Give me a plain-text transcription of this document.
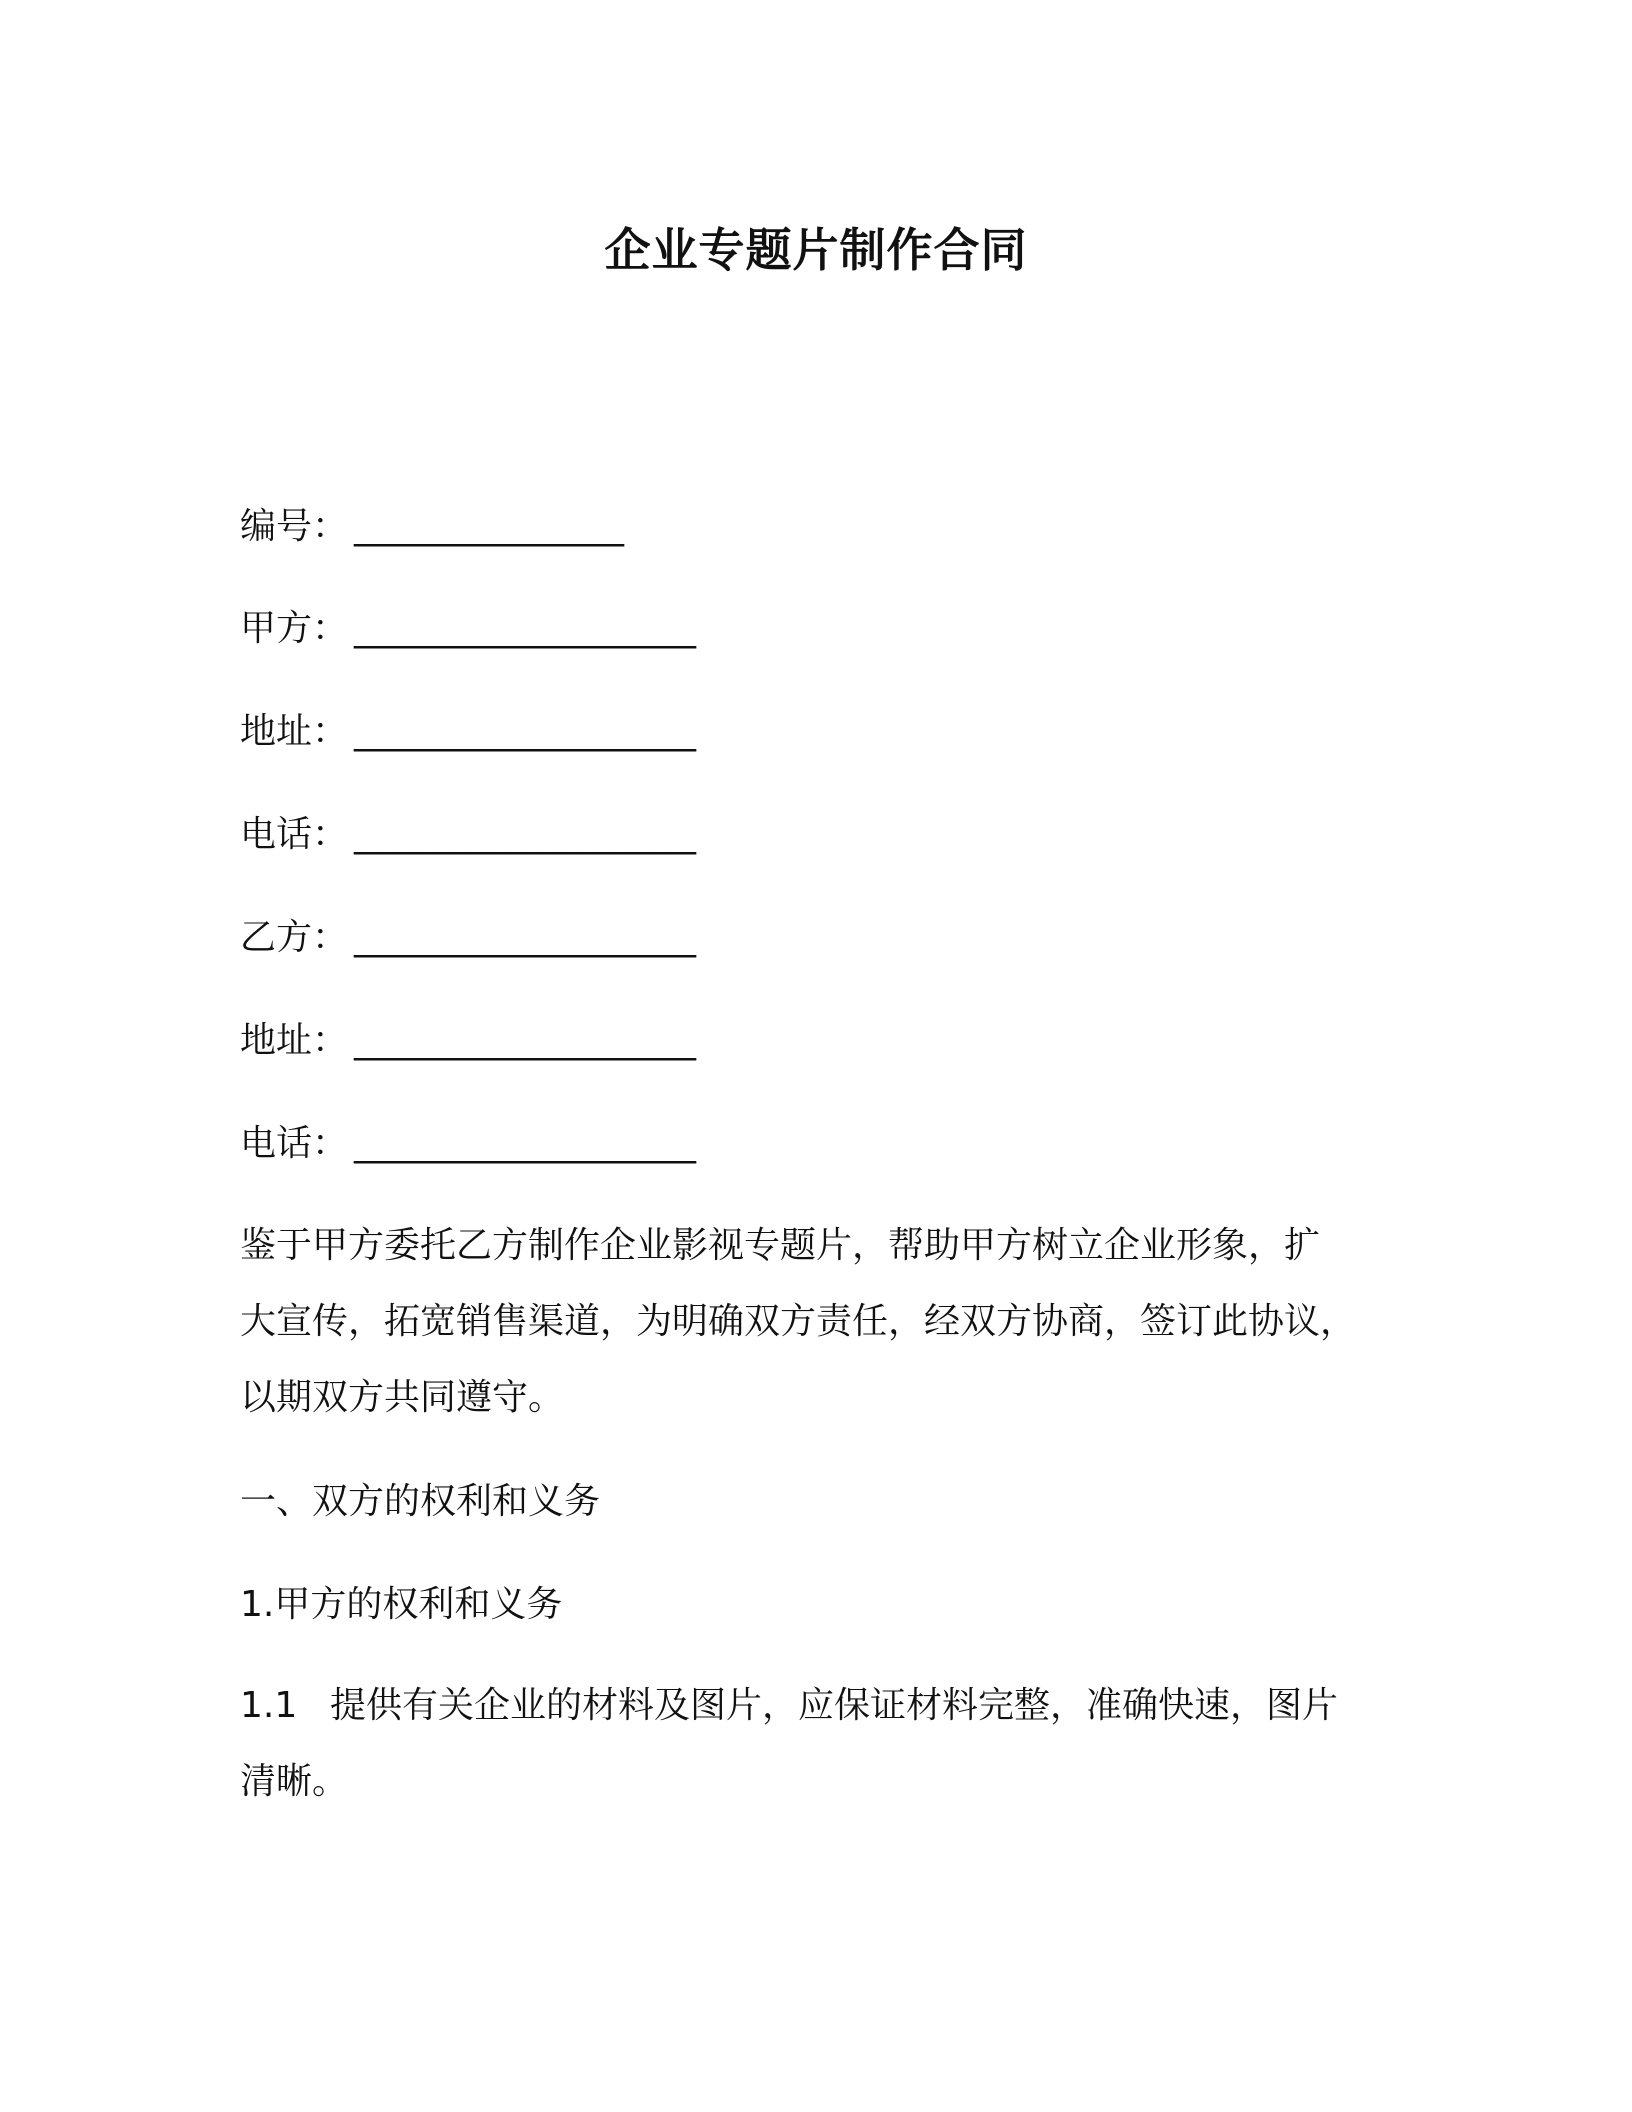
企业专题片制作合同
编号： _______________
甲方： ___________________
地址： ___________________
电话： ___________________
乙方： ___________________
地址： ___________________
电话： ___________________
鉴于甲方委托乙方制作企业影视专题片，帮助甲方树立企业形象，扩
大宣传，拓宽销售渠道，为明确双方责任，经双方协商，签订此协议，
以期双方共同遵守。
一、双方的权利和义务
1.甲方的权利和义务
1.1 提供有关企业的材料及图片，应保证材料完整，准确快速，图片
清晰。
